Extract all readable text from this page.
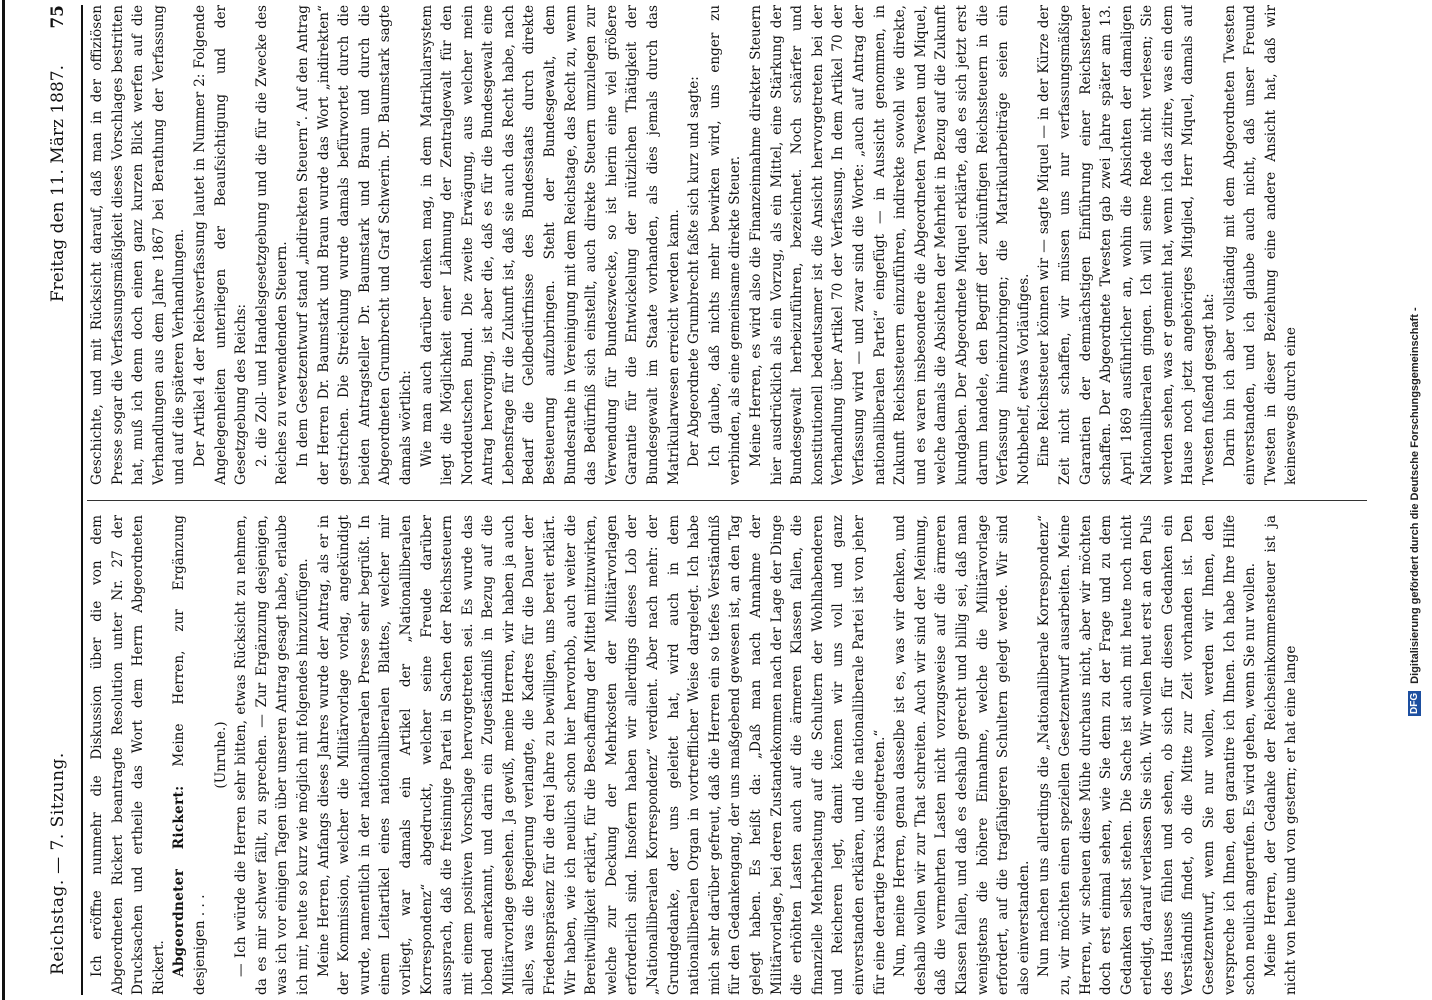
Reichstag. — 7. Sitzung.
Freitag den 11. März 1887.
75

Ich eröffne nunmehr die Diskussion über die von dem Abgeordneten Rickert beantragte Resolution unter Nr. 27 der Drucksachen und ertheile das Wort dem Herrn Abgeordneten Rickert. Abgeordneter Rickert: Meine Herren, zur Ergänzung desjenigen . . .

(Unruhe.) — Ich würde die Herren sehr bitten, etwas Rücksicht zu nehmen, da es mir schwer fällt, zu sprechen. — Zur Ergänzung desjenigen, was ich vor einigen Tagen über unseren Antrag gesagt habe, erlaube ich mir, heute so kurz wie möglich mit folgendes hinzuzufügen. Meine Herren, Anfangs dieses Jahres wurde der Antrag, als er in der Kommission, welcher die Militärvorlage vorlag, angekündigt wurde, namentlich in der nationalliberalen Presse sehr begrüßt. In einem Leitartikel eines nationalliberalen Blattes, welcher mir vorliegt, war damals ein Artikel der „Nationalliberalen Korrespondenz“ abgedruckt, welcher seine Freude darüber aussprach, daß die freisinnige Partei in Sachen der Reichssteuern mit einem positiven Vorschlage hervorgetreten sei. Es wurde das lobend anerkannt, und darin ein Zugeständniß in Bezug auf die Militärvorlage gesehen. Ja gewiß, meine Herren, wir haben ja auch alles, was die Regierung verlangte, die Kadres für die Dauer der Friedenspräsenz für die drei Jahre zu bewilligen, uns bereit erklärt. Wir haben, wie ich neulich schon hier hervorhob, auch weiter die Bereitwilligkeit erklärt, für die Beschaffung der Mittel mitzuwirken, welche zur Deckung der Mehrkosten der Militärvorlagen erforderlich sind. Insofern haben wir allerdings dieses Lob der „Nationalliberalen Korrespondenz“ verdient. Aber nach mehr: der Grundgedanke, der uns geleitet hat, wird auch in dem nationalliberalen Organ in vortrefflicher Weise dargelegt. Ich habe mich sehr darüber gefreut, daß die Herren ein so tiefes Verständniß für den Gedankengang, der uns maßgebend gewesen ist, an den Tag gelegt haben. Es heißt da: „Daß man nach Annahme der Militärvorlage, bei deren Zustandekommen nach der Lage der Dinge die erhöhten Lasten auch auf die ärmeren Klassen fallen, die finanzielle Mehrbelastung auf die Schultern der Wohlhabenderen und Reicheren legt, damit können wir uns voll und ganz einverstanden erklären, und die nationalliberale Partei ist von jeher für eine derartige Praxis eingetreten.“ Nun, meine Herren, genau dasselbe ist es, was wir denken, und deshalb wollen wir zur That schreiten. Auch wir sind der Meinung, daß die vermehrten Lasten nicht vorzugsweise auf die ärmeren Klassen fallen, und daß es deshalb gerecht und billig sei, daß man wenigstens die höhere Einnahme, welche die Militärvorlage erfordert, auf die tragfähigeren Schultern gelegt werde. Wir sind also einverstanden. Nun machen uns allerdings die „Nationalliberale Korrespondenz“ zu, wir möchten einen speziellen Gesetzentwurf ausarbeiten. Meine Herren, wir scheuen diese Mühe durchaus nicht, aber wir möchten doch erst einmal sehen, wie Sie denn zu der Frage und zu dem Gedanken selbst stehen. Die Sache ist auch mit heute noch nicht erledigt, darauf verlassen Sie sich. Wir wollen heut erst an den Puls des Hauses fühlen und sehen, ob sich für diesen Gedanken ein Verständniß findet, ob die Mitte zur Zeit vorhanden ist. Den Gesetzentwurf, wenn Sie nur wollen, werden wir Ihnen, den verspreche ich Ihnen, den garantire ich Ihnen. Ich habe Ihre Hilfe schon neulich angerufen. Es wird gehen, wenn Sie nur wollen. Meine Herren, der Gedanke der Reichseinkommensteuer ist ja nicht von heute und von gestern; er hat eine lange

Geschichte, und mit Rücksicht darauf, daß man in der offiziösen Presse sogar die Verfassungsmäßigkeit dieses Vorschlages bestritten hat, muß ich denn doch einen ganz kurzen Blick werfen auf die Verhandlungen aus dem Jahre 1867 bei Berathung der Verfassung und auf die späteren Verhandlungen. Der Artikel 4 der Reichsverfassung lautet in Nummer 2: Folgende Angelegenheiten unterliegen der Beaufsichtigung und der Gesetzgebung des Reichs: 2. die Zoll- und Handelsgesetzgebung und die für die Zwecke des Reiches zu verwendenden Steuern. In dem Gesetzentwurf stand „indirekten Steuern“. Auf den Antrag der Herren Dr. Baumstark und Braun wurde das Wort „indirekten“ gestrichen. Die Streichung wurde damals befürwortet durch die beiden Antragsteller Dr. Baumstark und Braun und durch die Abgeordneten Grumbrecht und Graf Schwerin. Dr. Baumstark sagte damals wörtlich: Wie man auch darüber denken mag, in dem Matrikularsystem liegt die Möglichkeit einer Lähmung der Zentralgewalt für den Norddeutschen Bund. Die zweite Erwägung, aus welcher mein Antrag hervorging, ist aber die, daß es für die Bundesgewalt eine Lebensfrage für die Zukunft ist, daß sie auch das Recht habe, nach Bedarf die Geldbedürfnisse des Bundesstaats durch direkte Besteuerung aufzubringen. Steht der Bundesgewalt, dem Bundesrathe in Vereinigung mit dem Reichstage, das Recht zu, wenn das Bedürfniß sich einstellt, auch direkte Steuern umzulegen zur Verwendung für Bundeszwecke, so ist hierin eine viel größere Garantie für die Entwickelung der nützlichen Thätigkeit der Bundesgewalt im Staate vorhanden, als dies jemals durch das Matrikularwesen erreicht werden kann. Der Abgeordnete Grumbrecht faßte sich kurz und sagte: Ich glaube, daß nichts mehr bewirken wird, uns enger zu verbinden, als eine gemeinsame direkte Steuer. Meine Herren, es wird also die Finanzeinnahme direkter Steuern hier ausdrücklich als ein Vorzug, als ein Mittel, eine Stärkung der Bundesgewalt herbeizuführen, bezeichnet. Noch schärfer und konstitutionell bedeutsamer ist die Ansicht hervorgetreten bei der Verhandlung über Artikel 70 der Verfassung. In dem Artikel 70 der Verfassung wird — und zwar sind die Worte: „auch auf Antrag der nationalliberalen Partei“ eingefügt — in Aussicht genommen, in Zukunft Reichssteuern einzuführen, indirekte sowohl wie direkte, und es waren insbesondere die Abgeordneten Twesten und Miquel, welche damals die Absichten der Mehrheit in Bezug auf die Zukunft kundgaben. Der Abgeordnete Miquel erklärte, daß es sich jetzt erst darum handele, den Begriff der zukünftigen Reichssteuern in die Verfassung hineinzubringen; die Matrikularbeiträge seien ein Nothbehelf, etwas Vorläufiges. Eine Reichssteuer können wir — sagte Miquel — in der Kürze der Zeit nicht schaffen, wir müssen uns nur verfassungsmäßige Garantien der demnächstigen Einführung einer Reichssteuer schaffen. Der Abgeordnete Twesten gab zwei Jahre später am 13. April 1869 ausführlicher an, wohin die Absichten der damaligen Nationalliberalen gingen. Ich will seine Rede nicht verlesen; Sie werden sehen, was er gemeint hat, wenn ich das zitire, was ein dem Hause noch jetzt angehöriges Mitglied, Herr Miquel, damals auf Twesten fußend gesagt hat: Darin bin ich aber vollständig mit dem Abgeordneten Twesten einverstanden, und ich glaube auch nicht, daß unser Freund Twesten in dieser Beziehung eine andere Ansicht hat, daß wir keineswegs durch eine

DFG Digitalisierung gefördert durch die Deutsche Forschungsgemeinschaft -
